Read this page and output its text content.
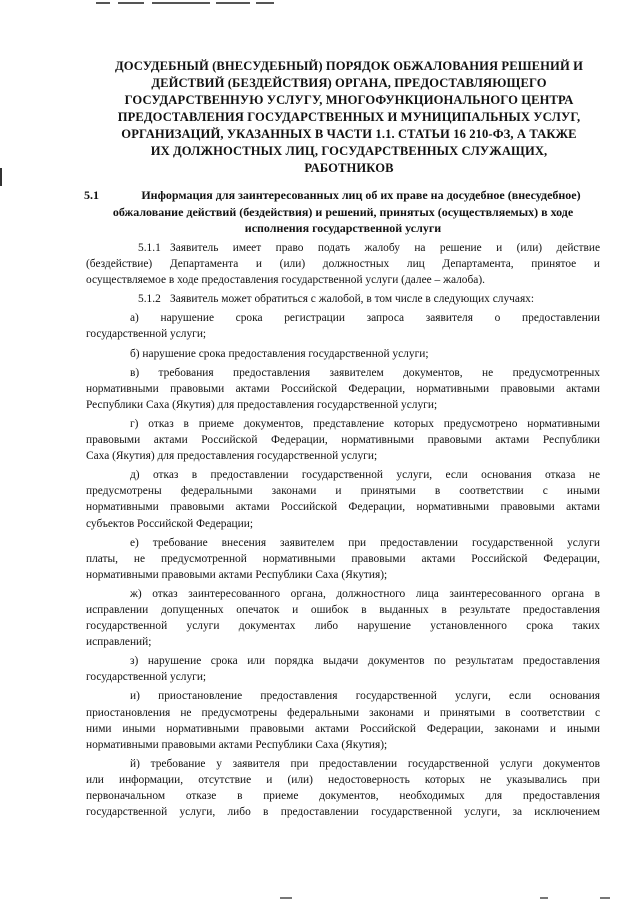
ДОСУДЕБНЫЙ (ВНЕСУДЕБНЫЙ) ПОРЯДОК ОБЖАЛОВАНИЯ РЕШЕНИЙ И
ДЕЙСТВИЙ (БЕЗДЕЙСТВИЯ) ОРГАНА, ПРЕДОСТАВЛЯЮЩЕГО
ГОСУДАРСТВЕННУЮ УСЛУГУ, МНОГОФУНКЦИОНАЛЬНОГО ЦЕНТРА
ПРЕДОСТАВЛЕНИЯ ГОСУДАРСТВЕННЫХ И МУНИЦИПАЛЬНЫХ УСЛУГ,
ОРГАНИЗАЦИЙ, УКАЗАННЫХ В ЧАСТИ 1.1. СТАТЬИ 16 210-ФЗ, А ТАКЖЕ
ИХ ДОЛЖНОСТНЫХ ЛИЦ, ГОСУДАРСТВЕННЫХ СЛУЖАЩИХ,
РАБОТНИКОВ
5.1	Информация для заинтересованных лиц об их праве на досудебное (внесудебное)
обжалование действий (бездействия) и решений, принятых (осуществляемых) в ходе
исполнения государственной услуги
5.1.1 Заявитель имеет право подать жалобу на решение и (или) действие
(бездействие) Департамента и (или) должностных лиц Департамента, принятое и
осуществляемое в ходе предоставления государственной услуги (далее – жалоба).
5.1.2 Заявитель может обратиться с жалобой, в том числе в следующих случаях:
а) нарушение срока регистрации запроса заявителя о предоставлении
государственной услуги;
б) нарушение срока предоставления государственной услуги;
в) требования предоставления заявителем документов, не предусмотренных
нормативными правовыми актами Российской Федерации, нормативными правовыми актами
Республики Саха (Якутия) для предоставления государственной услуги;
г) отказ в приеме документов, представление которых предусмотрено нормативными
правовыми актами Российской Федерации, нормативными правовыми актами Республики
Саха (Якутия) для предоставления государственной услуги;
д) отказ в предоставлении государственной услуги, если основания отказа не
предусмотрены федеральными законами и принятыми в соответствии с иными
нормативными правовыми актами Российской Федерации, нормативными правовыми актами
субъектов Российской Федерации;
е) требование внесения заявителем при предоставлении государственной услуги
платы, не предусмотренной нормативными правовыми актами Российской Федерации,
нормативными правовыми актами Республики Саха (Якутия);
ж) отказ заинтересованного органа, должностного лица заинтересованного органа в
исправлении допущенных опечаток и ошибок в выданных в результате предоставления
государственной услуги документах либо нарушение установленного срока таких
исправлений;
з) нарушение срока или порядка выдачи документов по результатам предоставления
государственной услуги;
и) приостановление предоставления государственной услуги, если основания
приостановления не предусмотрены федеральными законами и принятыми в соответствии с
ними иными нормативными правовыми актами Российской Федерации, законами и иными
нормативными правовыми актами Республики Саха (Якутия);
й) требование у заявителя при предоставлении государственной услуги документов
или информации, отсутствие и (или) недостоверность которых не указывались при
первоначальном отказе в приеме документов, необходимых для предоставления
государственной услуги, либо в предоставлении государственной услуги, за исключением
